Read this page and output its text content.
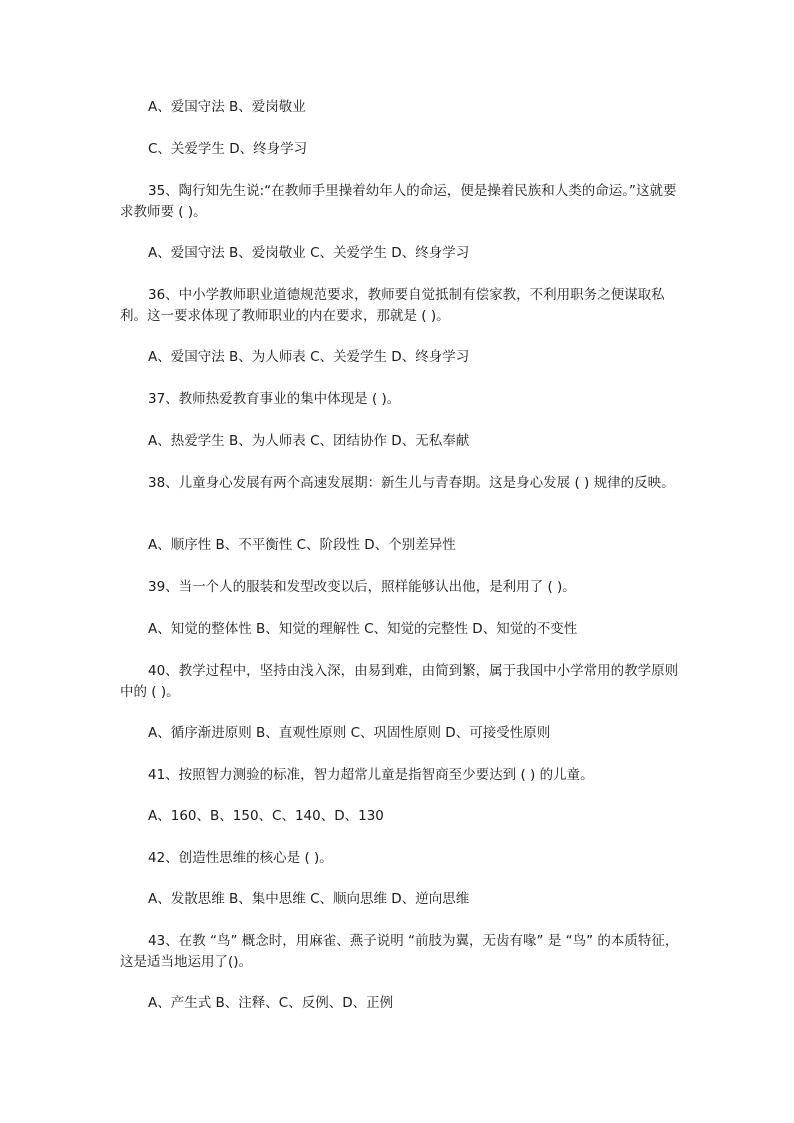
A、爱国守法 B、爱岗敬业

C、关爱学生 D、终身学习

35、陶行知先生说:“在教师手里操着幼年人的命运，便是操着民族和人类的命运。”这就要求教师要 ( )。

A、爱国守法 B、爱岗敬业 C、关爱学生 D、终身学习

36、中小学教师职业道德规范要求，教师要自觉抵制有偿家教，不利用职务之便谋取私利。这一要求体现了教师职业的内在要求，那就是 ( )。

A、爱国守法 B、为人师表 C、关爱学生 D、终身学习

37、教师热爱教育事业的集中体现是 ( )。

A、热爱学生 B、为人师表 C、团结协作 D、无私奉献

38、儿童身心发展有两个高速发展期：新生儿与青春期。这是身心发展 ( ) 规律的反映。

A、顺序性 B、不平衡性 C、阶段性 D、个别差异性

39、当一个人的服装和发型改变以后，照样能够认出他，是利用了 ( )。

A、知觉的整体性 B、知觉的理解性 C、知觉的完整性 D、知觉的不变性

40、教学过程中，坚持由浅入深，由易到难，由简到繁，属于我国中小学常用的教学原则中的 ( )。

A、循序渐进原则 B、直观性原则 C、巩固性原则 D、可接受性原则

41、按照智力测验的标准，智力超常儿童是指智商至少要达到 ( ) 的儿童。

A、160、B、150、C、140、D、130

42、创造性思维的核心是 ( )。

A、发散思维 B、集中思维 C、顺向思维 D、逆向思维

43、在教 “鸟” 概念时，用麻雀、燕子说明 “前肢为翼，无齿有喙” 是 “鸟” 的本质特征，这是适当地运用了()。

A、产生式 B、注释、C、反例、D、正例
